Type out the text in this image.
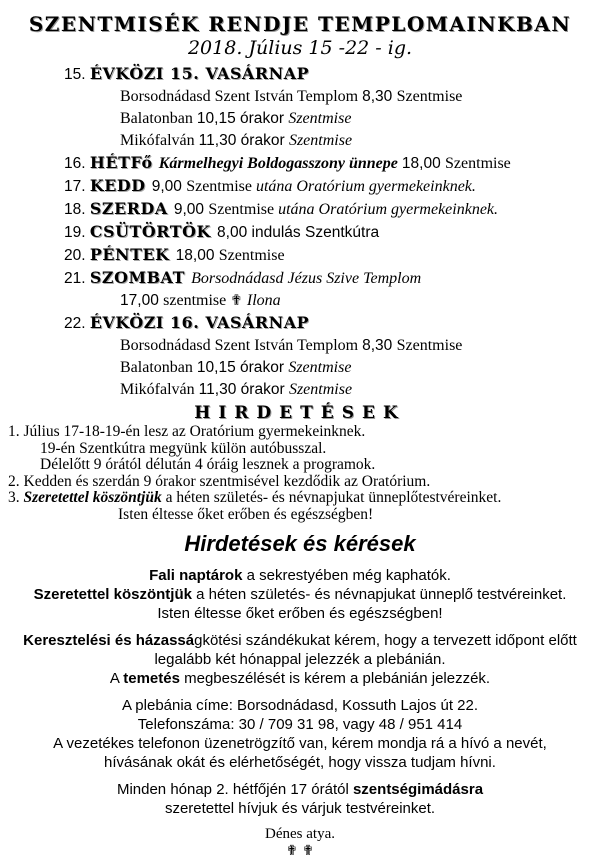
SZENTMISÉK RENDJE TEMPLOMAINKBAN
2018. Július 15 -22 - ig.
15. ÉVKÖZI 15. VASÁRNAP
Borsodnádasd Szent István Templom 8,30 Szentmise
Balatonban 10,15 órakor Szentmise
Mikófalván 11,30 órakor Szentmise
16. HÉTFő Kármelhegyi Boldogasszony ünnepe 18,00 Szentmise
17. KEDD 9,00 Szentmise utána Oratórium gyermekeinknek.
18. SZERDA 9,00 Szentmise utána Oratórium gyermekeinknek.
19. CSÜTÖRTÖK 8,00 indulás Szentkútra
20. PÉNTEK 18,00 Szentmise
21. SZOMBAT Borsodnádasd Jézus Szive Templom
17,00 szentmise ✟ Ilona
22. ÉVKÖZI 16. VASÁRNAP
Borsodnádasd Szent István Templom 8,30 Szentmise
Balatonban 10,15 órakor Szentmise
Mikófalván 11,30 órakor Szentmise
HIRDETÉSEK
1. Július 17-18-19-én lesz az Oratórium gyermekeinknek.
19-én Szentkútra megyünk külön autóbusszal.
Délelőtt 9 órától délután 4 óráig lesznek a programok.
2. Kedden és szerdán 9 órakor szentmisével kezdődik az Oratórium.
3. Szeretettel köszöntjük a héten születés- és névnapjukat ünneplőtestvéreinket.
Isten éltesse őket erőben és egészségben!
Hirdetések és kérések
Fali naptárok a sekrestyében még kaphatók.
Szeretettel köszöntjük a héten születés- és névnapjukat ünneplő testvéreinket.
Isten éltesse őket erőben és egészségben!
Keresztelési és házasságkötési szándékukat kérem, hogy a tervezett időpont előtt
legalább két hónappal jelezzék a plebánián.
A temetés megbeszélését is kérem a plebánián jelezzék.
A plebánia címe: Borsodnádasd, Kossuth Lajos út 22.
Telefonszáma: 30 / 709 31 98, vagy 48 / 951 414
A vezetékes telefonon üzenetrögzítő van, kérem mondja rá a hívó a nevét,
hívásának okát és elérhetőségét, hogy vissza tudjam hívni.
Minden hónap 2. hétfőjén 17 órától szentségimádásra
szeretettel hívjuk és várjuk testvéreinket.
Dénes atya.
✟ ✟
